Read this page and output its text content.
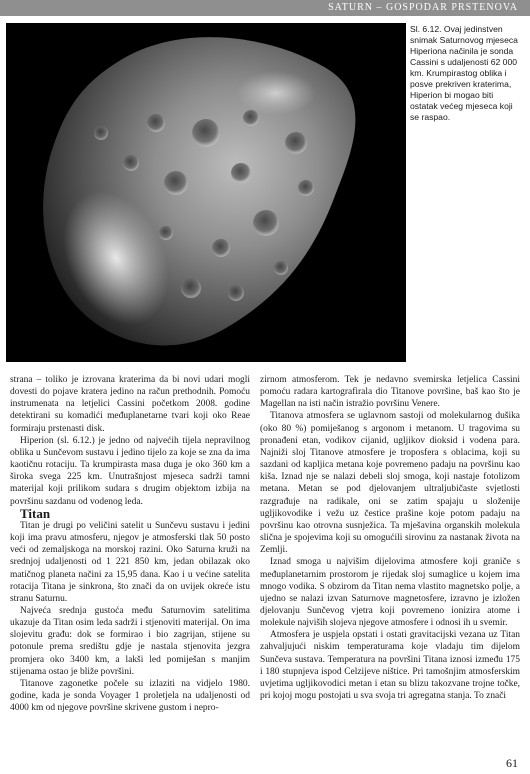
SATURN – GOSPODAR PRSTENOVA
Sl. 6.12. Ovaj jedinstven snimak Saturnovog mjeseca Hiperiona načinila je sonda Cassini s udaljenosti 62 000 km. Krumpirastog oblika i posve prekriven kraterima, Hiperion bi mogao biti ostatak većeg mjeseca koji se raspao.

strana – toliko je izrovana kraterima da bi novi udari mogli dovesti do pojave kratera jedino na račun prethodnih. Pomoću instrumenata na letjelici Cassini početkom 2008. godine detektirani su komadići međuplanetarne tvari koji oko Reae formiraju prstenasti disk.

Hiperion (sl. 6.12.) je jedno od najvećih tijela nepravilnog oblika u Sunčevom sustavu i jedino tijelo za koje se zna da ima kaotičnu rotaciju. Ta krumpirasta masa duga je oko 360 km a široka svega 225 km. Unutrašnjost mjeseca sadrži tamni materijal koji prilikom sudara s drugim objektom izbija na površinu sazdanu od vodenog leda.

Titan

Titan je drugi po veličini satelit u Sunčevu sustavu i jedini koji ima pravu atmosferu, njegov je atmosferski tlak 50 posto veći od zemaljskoga na morskoj razini. Oko Saturna kruži na srednjoj udaljenosti od 1 221 850 km, jedan obilazak oko matičnog planeta načini za 15,95 dana. Kao i u većine satelita rotacija Titana je sinkrona, što znači da on uvijek okreće istu stranu Saturnu.

Najveća srednja gustoća među Saturnovim satelitima ukazuje da Titan osim leda sadrži i stjenoviti materijal. On ima slojevitu građu: dok se formirao i bio zagrijan, stijene su potonule prema središtu gdje je nastala stjenovita jezgra promjera oko 3400 km, a lakši led pomiješan s manjim stijenama ostao je bliže površini.

Titanove zagonetke počele su izlaziti na vidjelo 1980. godine, kada je sonda Voyager 1 proletjela na udaljenosti od 4000 km od njegove površine skrivene gustom i nepro-

zirnom atmosferom. Tek je nedavno svemirska letjelica Cassini pomoću radara kartografirala dio Titanove površine, baš kao što je Magellan na isti način istražio površinu Venere.

Titanova atmosfera se uglavnom sastoji od molekularnog dušika (oko 80 %) pomiješanog s argonom i metanom. U tragovima su pronađeni etan, vodikov cijanid, ugljikov dioksid i vodena para. Najniži sloj Titanove atmosfere je troposfera s oblacima, koji su sazdani od kapljica metana koje povremeno padaju na površinu kao kiša. Iznad nje se nalazi debeli sloj smoga, koji nastaje fotolizom metana. Metan se pod djelovanjem ultraljubičaste svjetlosti razgrađuje na radikale, oni se zatim spajaju u složenije ugljikovodike i vežu uz čestice prašine koje potom padaju na površinu kao otrovna susnježica. Ta mješavina organskih molekula slična je spojevima koji su omogućili sirovinu za nastanak života na Zemlji.

Iznad smoga u najvišim dijelovima atmosfere koji graniče s međuplanetarnim prostorom je rijedak sloj sumaglice u kojem ima mnogo vodika. S obzirom da Titan nema vlastito magnetsko polje, a ujedno se nalazi izvan Saturnove magnetosfere, izravno je izložen djelovanju Sunčevog vjetra koji povremeno ionizira atome i molekule najviših slojeva njegove atmosfere i odnosi ih u svemir.

Atmosfera je uspjela opstati i ostati gravitacijski vezana uz Titan zahvaljujući niskim temperaturama koje vladaju tim dijelom Sunčeva sustava. Temperatura na površini Titana iznosi između 175 i 180 stupnjeva ispod Celzijeve ništice. Pri tamošnjim atmosferskim uvjetima ugljikovodici metan i etan su blizu takozvane trojne točke, pri kojoj mogu postojati u sva svoja tri agregatna stanja. To znači

61
